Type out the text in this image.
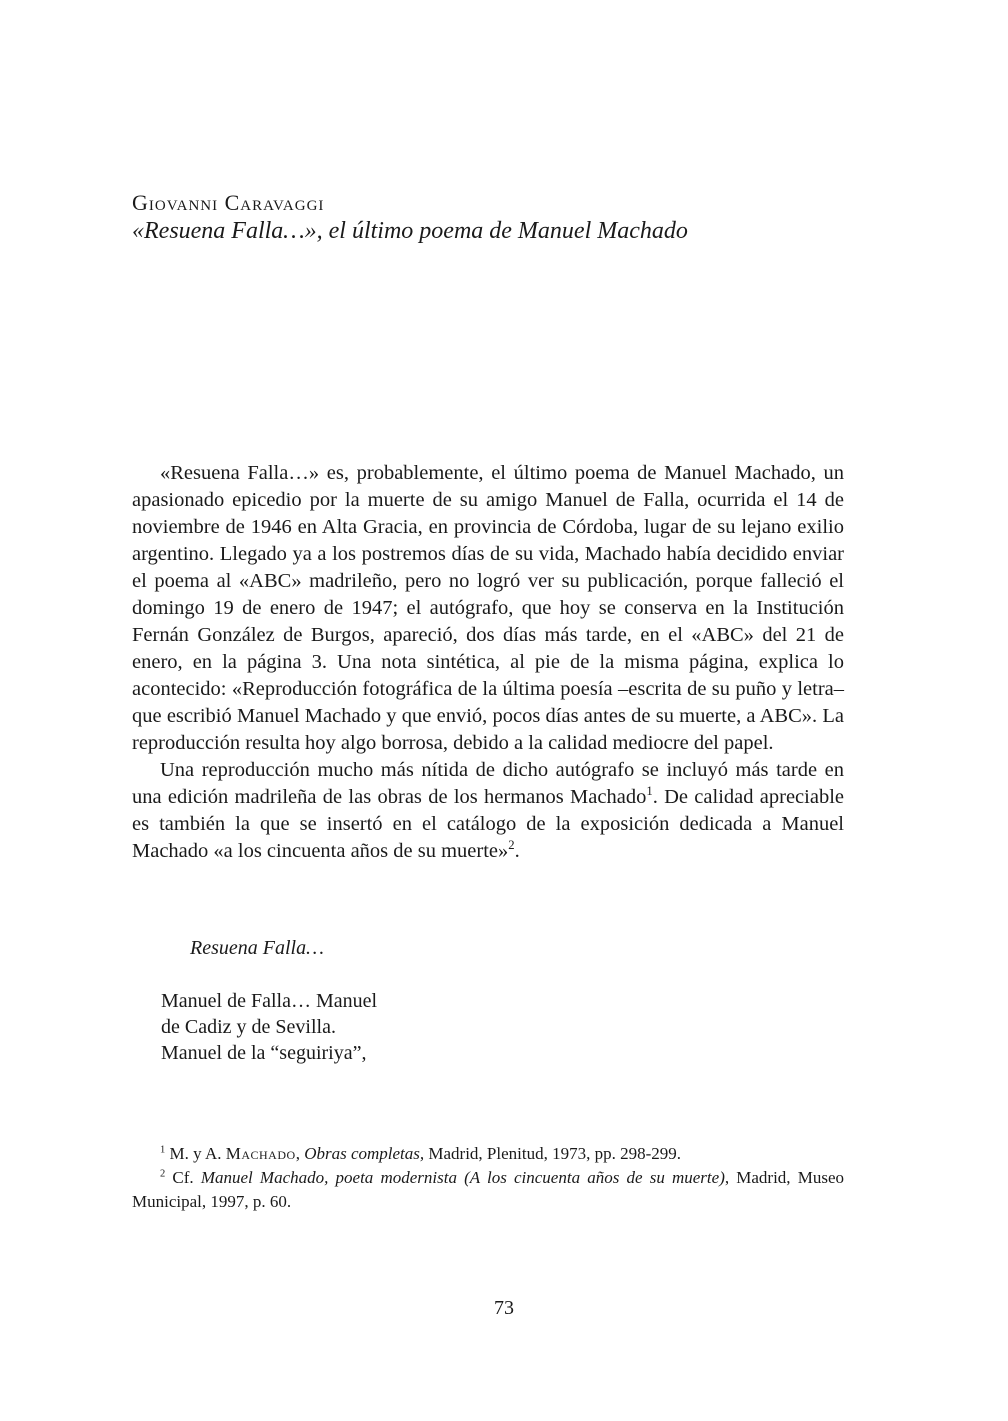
Giovanni Caravaggi
«Resuena Falla…», el último poema de Manuel Machado

«Resuena Falla…» es, probablemente, el último poema de Manuel Machado, un apasionado epicedio por la muerte de su amigo Manuel de Falla, ocurrida el 14 de noviembre de 1946 en Alta Gracia, en provincia de Córdoba, lugar de su lejano exilio argentino. Llegado ya a los postremos días de su vida, Machado había decidido enviar el poema al «ABC» madrileño, pero no logró ver su publicación, porque falleció el domingo 19 de enero de 1947; el autógrafo, que hoy se conserva en la Institución Fernán González de Burgos, apareció, dos días más tarde, en el «ABC» del 21 de enero, en la página 3. Una nota sintética, al pie de la misma página, explica lo acontecido: «Reproducción fotográfica de la última poesía –escrita de su puño y letra– que escribió Manuel Machado y que envió, pocos días antes de su muerte, a ABC». La reproducción resulta hoy algo borrosa, debido a la calidad mediocre del papel.

Una reproducción mucho más nítida de dicho autógrafo se incluyó más tarde en una edición madrileña de las obras de los hermanos Machado$^1$. De calidad apreciable es también la que se insertó en el catálogo de la exposición dedicada a Manuel Machado «a los cincuenta años de su muerte»$^2$.

Resuena Falla…
Manuel de Falla… Manuel
de Cadiz y de Sevilla.
Manuel de la “seguiriya”,

$^1$ M. y A. Machado, Obras completas, Madrid, Plenitud, 1973, pp. 298-299.

$^2$ Cf. Manuel Machado, poeta modernista (A los cincuenta años de su muerte), Madrid, Museo Municipal, 1997, p. 60.

73
